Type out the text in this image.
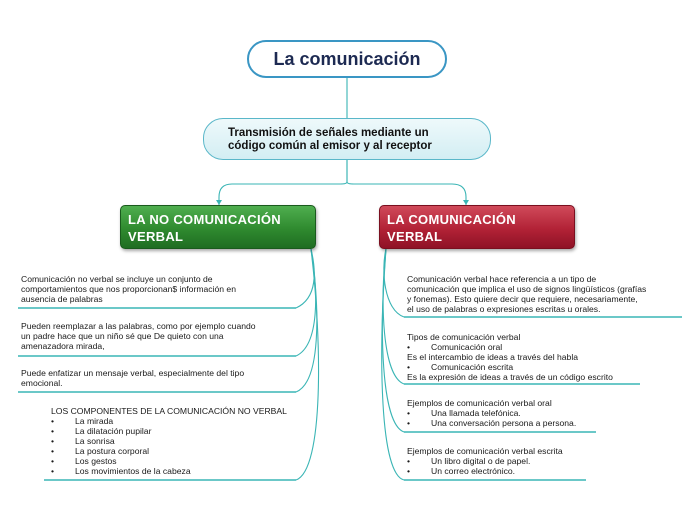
La comunicación
Transmisión de señales mediante un
código común al emisor y al receptor
LA NO COMUNICACIÓN
VERBAL
LA COMUNICACIÓN
VERBAL
Comunicación no verbal se incluye un conjunto de
comportamientos que nos proporcionan$ información en
ausencia de palabras
Pueden reemplazar a las palabras, como por ejemplo cuando
un padre hace que un niño sé que De quieto con una
amenazadora mirada,
Puede enfatizar un mensaje verbal, especialmente del tipo
emocional.
LOS COMPONENTES DE LA COMUNICACIÓN NO VERBAL
• La mirada
• La dilatación pupilar
• La sonrisa
• La postura corporal
• Los gestos
• Los movimientos de la cabeza
Comunicación verbal hace referencia a un tipo de
comunicación que implica el uso de signos lingüísticos (grafías
y fonemas). Esto quiere decir que requiere, necesariamente,
el uso de palabras o expresiones escritas u orales.
Tipos de comunicación verbal
• Comunicación oral
Es el intercambio de ideas a través del habla
• Comunicación escrita
Es la expresión de ideas a través de un código escrito
Ejemplos de comunicación verbal oral
• Una llamada telefónica.
• Una conversación persona a persona.
Ejemplos de comunicación verbal escrita
• Un libro digital o de papel.
• Un correo electrónico.
